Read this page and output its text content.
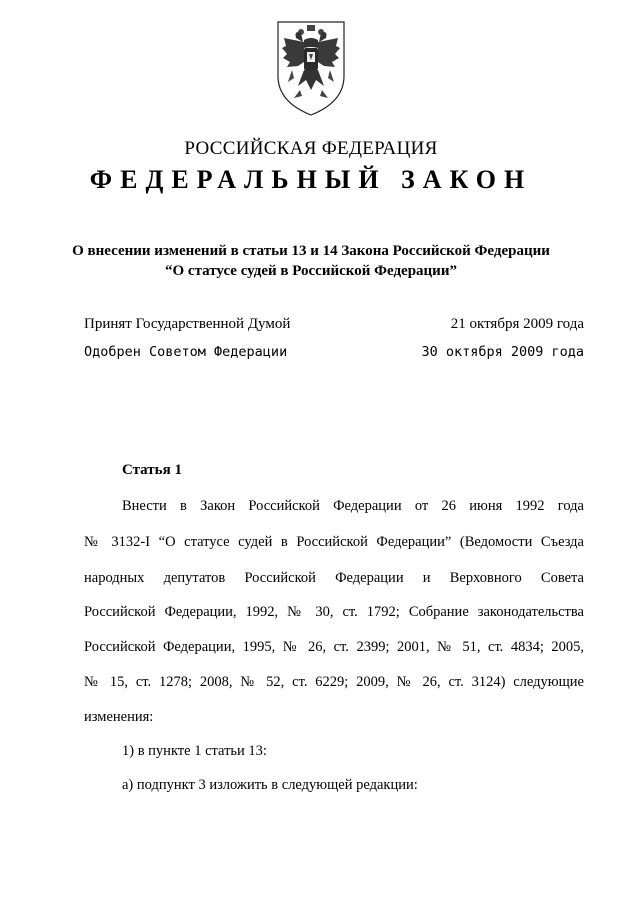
РОССИЙСКАЯ ФЕДЕРАЦИЯ
ФЕДЕРАЛЬНЫЙ ЗАКОН
О внесении изменений в статьи 13 и 14 Закона Российской Федерации
“О статусе судей в Российской Федерации”
Принят Государственной Думой	21 октября 2009 года
Одобрен Советом Федерации	30 октября 2009 года
Статья 1
Внести в Закон Российской Федерации от 26 июня 1992 года
№ 3132-I “О статусе судей в Российской Федерации” (Ведомости Съезда
народных депутатов Российской Федерации и Верховного Совета
Российской Федерации, 1992, № 30, ст. 1792; Собрание законодательства
Российской Федерации, 1995, № 26, ст. 2399; 2001, № 51, ст. 4834; 2005,
№ 15, ст. 1278; 2008, № 52, ст. 6229; 2009, № 26, ст. 3124) следующие
изменения:
1) в пункте 1 статьи 13:
а) подпункт 3 изложить в следующей редакции:
